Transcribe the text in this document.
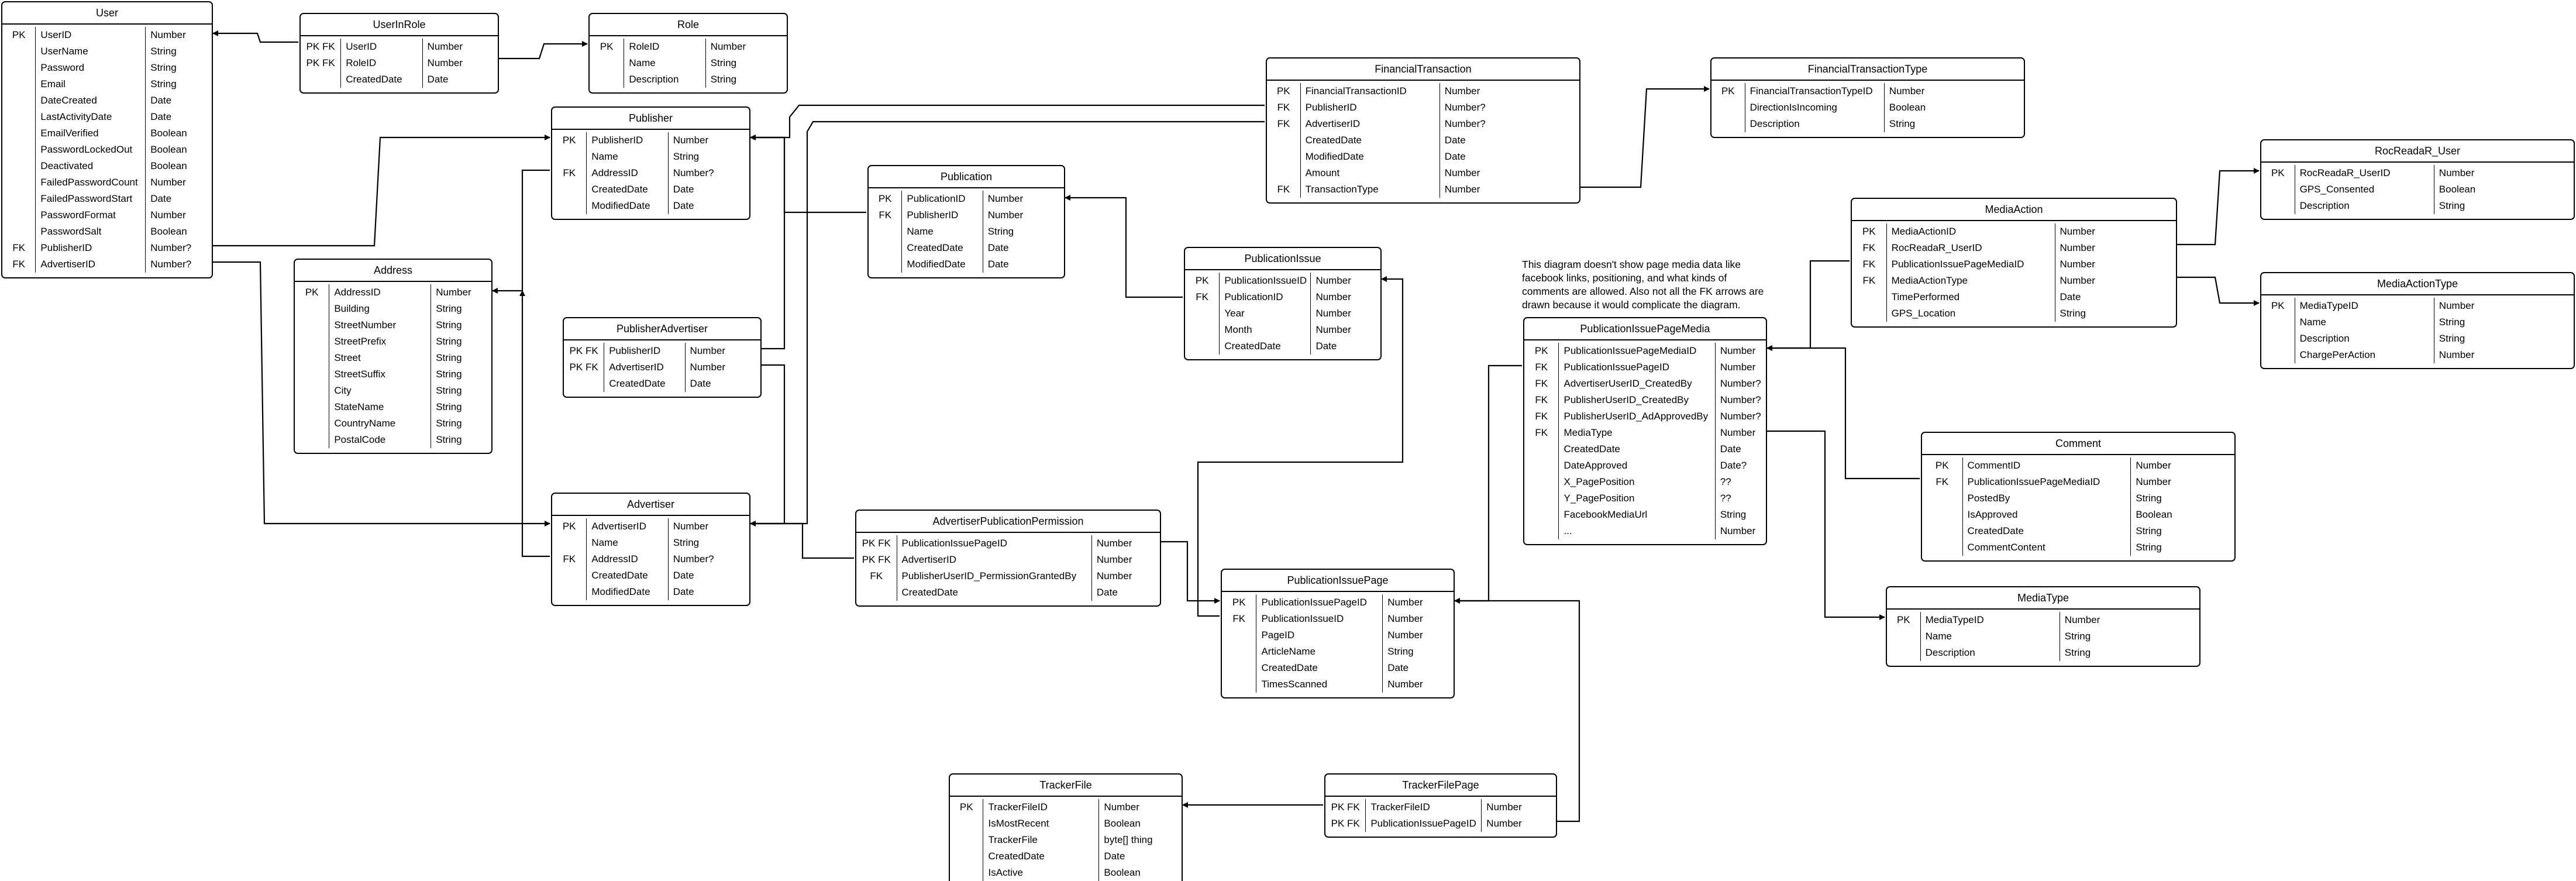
This diagram doesn't show page media data like facebook links, positioning, and what kinds of comments are allowed. Also not all the FK arrows are drawn because it would complicate the diagram.
User
PK	UserID	Number
UserName	String
Password	String
Email	String
DateCreated	Date
LastActivityDate	Date
EmailVerified	Boolean
PasswordLockedOut	Boolean
Deactivated	Boolean
FailedPasswordCount	Number
FailedPasswordStart	Date
PasswordFormat	Number
PasswordSalt	Boolean
FK	PublisherID	Number?
FK	AdvertiserID	Number?
UserInRole
PK FK	UserID	Number
PK FK	RoleID	Number
CreatedDate	Date
Role
PK	RoleID	Number
Name	String
Description	String
Publisher
PK	PublisherID	Number
Name	String
FK	AddressID	Number?
CreatedDate	Date
ModifiedDate	Date
Address
PK	AddressID	Number
Building	String
StreetNumber	String
StreetPrefix	String
Street	String
StreetSuffix	String
City	String
StateName	String
CountryName	String
PostalCode	String
PublisherAdvertiser
PK FK	PublisherID	Number
PK FK	AdvertiserID	Number
CreatedDate	Date
Advertiser
PK	AdvertiserID	Number
Name	String
FK	AddressID	Number?
CreatedDate	Date
ModifiedDate	Date
Publication
PK	PublicationID	Number
FK	PublisherID	Number
Name	String
CreatedDate	Date
ModifiedDate	Date
FinancialTransaction
PK	FinancialTransactionID	Number
FK	PublisherID	Number?
FK	AdvertiserID	Number?
CreatedDate	Date
ModifiedDate	Date
Amount	Number
FK	TransactionType	Number
FinancialTransactionType
PK	FinancialTransactionTypeID	Number
DirectionIsIncoming	Boolean
Description	String
PublicationIssue
PK	PublicationIssueID Number
FK	PublicationID	Number
Year	Number
Month	Number
CreatedDate	Date
AdvertiserPublicationPermission
PK FK	PublicationIssuePageID	Number
PK FK	AdvertiserID	Number
FK	PublisherUserID_PermissionGrantedBy	Number
CreatedDate	Date
PublicationIssuePage
PK	PublicationIssuePageID	Number
FK	PublicationIssueID	Number
PageID	Number
ArticleName	String
CreatedDate	Date
TimesScanned	Number
PublicationIssuePageMedia
PK	PublicationIssuePageMediaID	Number
FK	PublicationIssuePageID	Number
FK	AdvertiserUserID_CreatedBy	Number?
FK	PublisherUserID_CreatedBy	Number?
FK	PublisherUserID_AdApprovedBy	Number?
FK	MediaType	Number
CreatedDate	Date
DateApproved	Date?
X_PagePosition	??
Y_PagePosition	??
FacebookMediaUrl	String
...	Number
MediaAction
PK	MediaActionID	Number
FK	RocReadaR_UserID	Number
FK	PublicationIssuePageMediaID	Number
FK	MediaActionType	Number
TimePerformed	Date
GPS_Location	String
RocReadaR_User
PK	RocReadaR_UserID	Number
GPS_Consented	Boolean
Description	String
MediaActionType
PK	MediaTypeID	Number
Name	String
Description	String
ChargePerAction	Number
Comment
PK	CommentID	Number
FK	PublicationIssuePageMediaID	Number
PostedBy	String
IsApproved	Boolean
CreatedDate	String
CommentContent	String
MediaType
PK	MediaTypeID	Number
Name	String
Description	String
TrackerFile
PK	TrackerFileID	Number
IsMostRecent	Boolean
TrackerFile	byte[] thing
CreatedDate	Date
IsActive	Boolean
TrackerFilePage
PK FK	TrackerFileID	Number
PK FK	PublicationIssuePageID	Number
